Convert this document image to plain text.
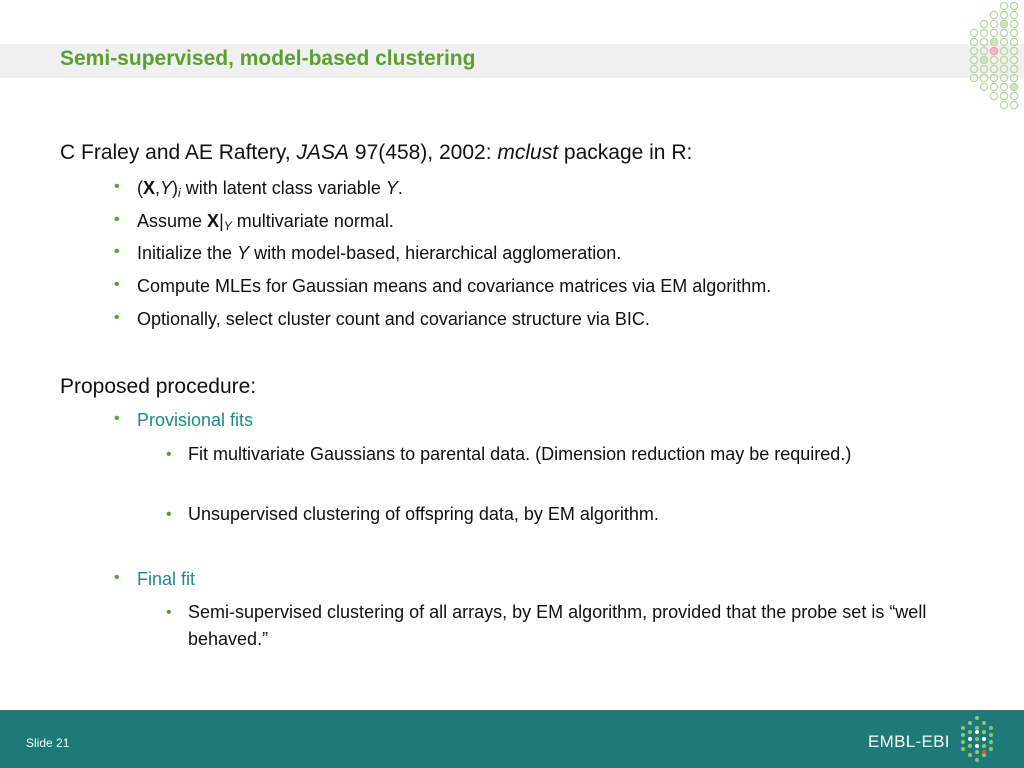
Semi-supervised, model-based clustering
C Fraley and AE Raftery, JASA 97(458), 2002: mclust package in R:
• $(X,Y)_i$ with latent class variable Y.
• Assume $X|_Y$ multivariate normal.
• Initialize the Y with model-based, hierarchical agglomeration.
• Compute MLEs for Gaussian means and covariance matrices via EM algorithm.
• Optionally, select cluster count and covariance structure via BIC.
Proposed procedure:
• Provisional fits
• Fit multivariate Gaussians to parental data. (Dimension reduction may be required.)
• Unsupervised clustering of offspring data, by EM algorithm.
• Final fit
• Semi-supervised clustering of all arrays, by EM algorithm, provided that the probe set is “well behaved.”
Slide 21	EMBL-EBI
